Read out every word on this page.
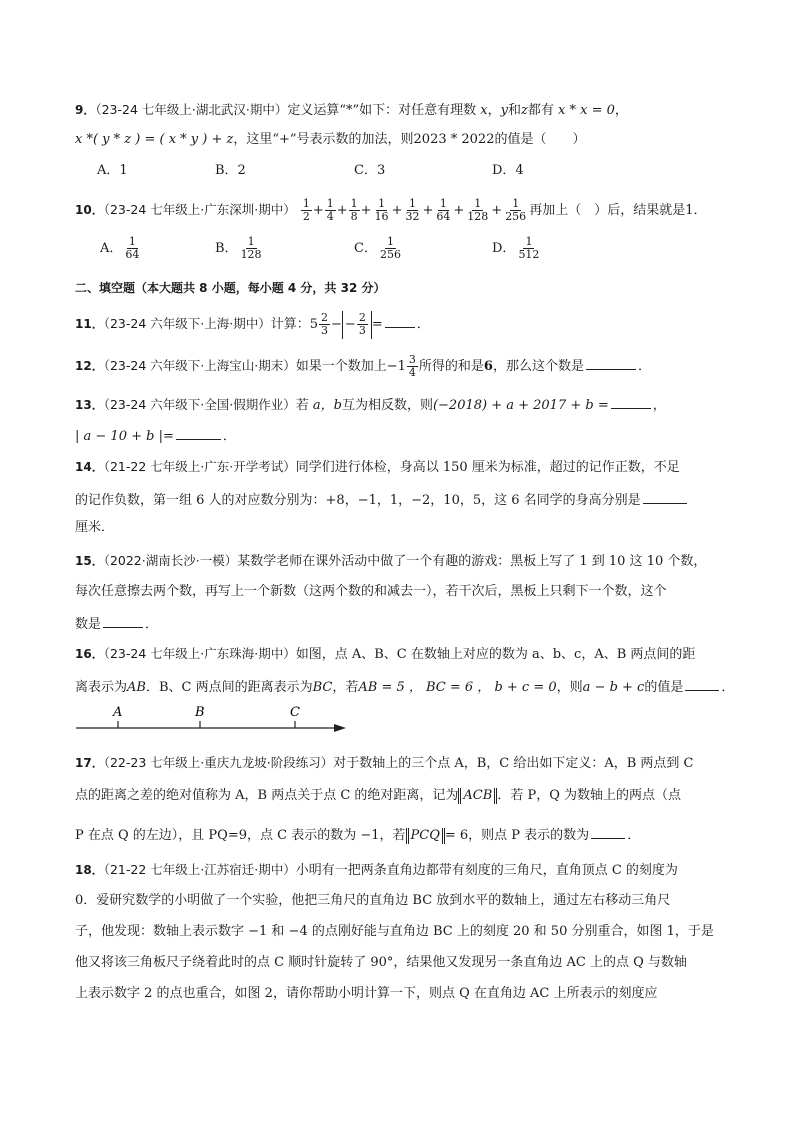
9．（23-24 七年级上·湖北武汉·期中）定义运算“*”如下：对任意有理数 x，y和z都有 x * x = 0，
x *( y * z ) = ( x * y ) + z，这里“+”号表示数的加法，则2023 * 2022的值是（　　）
A．1	B．2	C．3	D．4
10．（23-24 七年级上·广东深圳·期中） $\frac{1}{2} + \frac{1}{4} + \frac{1}{8} + \frac{1}{16} + \frac{1}{32} + \frac{1}{64} + \frac{1}{128} + \frac{1}{256}$ 再加上（　）后，结果就是1．
A． $\frac{1}{64}$	B． $\frac{1}{128}$	C． $\frac{1}{256}$	D． $\frac{1}{512}$
二、填空题（本大题共 8 小题，每小题 4 分，共 32 分）
11．（23-24 六年级下·上海·期中）计算：$5 \frac{2}{3}$ − − $\frac{2}{3}$ =	．
12．（23-24 六年级下·上海宝山·期末）如果一个数加上$-1 \frac{3}{4}$ 所得的和是6，那么这个数是	．
13．（23-24 六年级下·全国·假期作业）若 a，b互为相反数，则(−2018) + a + 2017 + b =	，
| a − 10 + b |=	．
14．（21-22 七年级上·广东·开学考试）同学们进行体检，身高以 150 厘米为标准，超过的记作正数，不足
的记作负数，第一组 6 人的对应数分别为：+8，−1，1，−2，10，5，这 6 名同学的身高分别是
厘米．
15．（2022·湖南长沙·一模）某数学老师在课外活动中做了一个有趣的游戏：黑板上写了 1 到 10 这 10 个数，
每次任意擦去两个数，再写上一个新数（这两个数的和减去一），若干次后，黑板上只剩下一个数，这个
数是	．
16．（23-24 七年级上·广东珠海·期中）如图，点 A、B、C 在数轴上对应的数为 a、b、c，A、B 两点间的距
离表示为AB．B、C 两点间的距离表示为BC，若AB = 5 ， BC = 6 ， b + c = 0，则a − b + c的值是	．
A	B	C
17．（22-23 七年级上·重庆九龙坡·阶段练习）对于数轴上的三个点 A，B，C 给出如下定义：A，B 两点到 C
点的距离之差的绝对值称为 A，B 两点关于点 C 的绝对距离，记为 ACB ．若 P，Q 为数轴上的两点（点
P 在点 Q 的左边），且 PQ=9，点 C 表示的数为 −1，若 PCQ = 6，则点 P 表示的数为	．
18．（21-22 七年级上·江苏宿迁·期中）小明有一把两条直角边都带有刻度的三角尺，直角顶点 C 的刻度为
0．爱研究数学的小明做了一个实验，他把三角尺的直角边 BC 放到水平的数轴上，通过左右移动三角尺
子，他发现：数轴上表示数字 −1 和 −4 的点刚好能与直角边 BC 上的刻度 20 和 50 分别重合，如图 1，于是
他又将该三角板尺子绕着此时的点 C 顺时针旋转了 90°，结果他又发现另一条直角边 AC 上的点 Q 与数轴
上表示数字 2 的点也重合，如图 2，请你帮助小明计算一下，则点 Q 在直角边 AC 上所表示的刻度应
